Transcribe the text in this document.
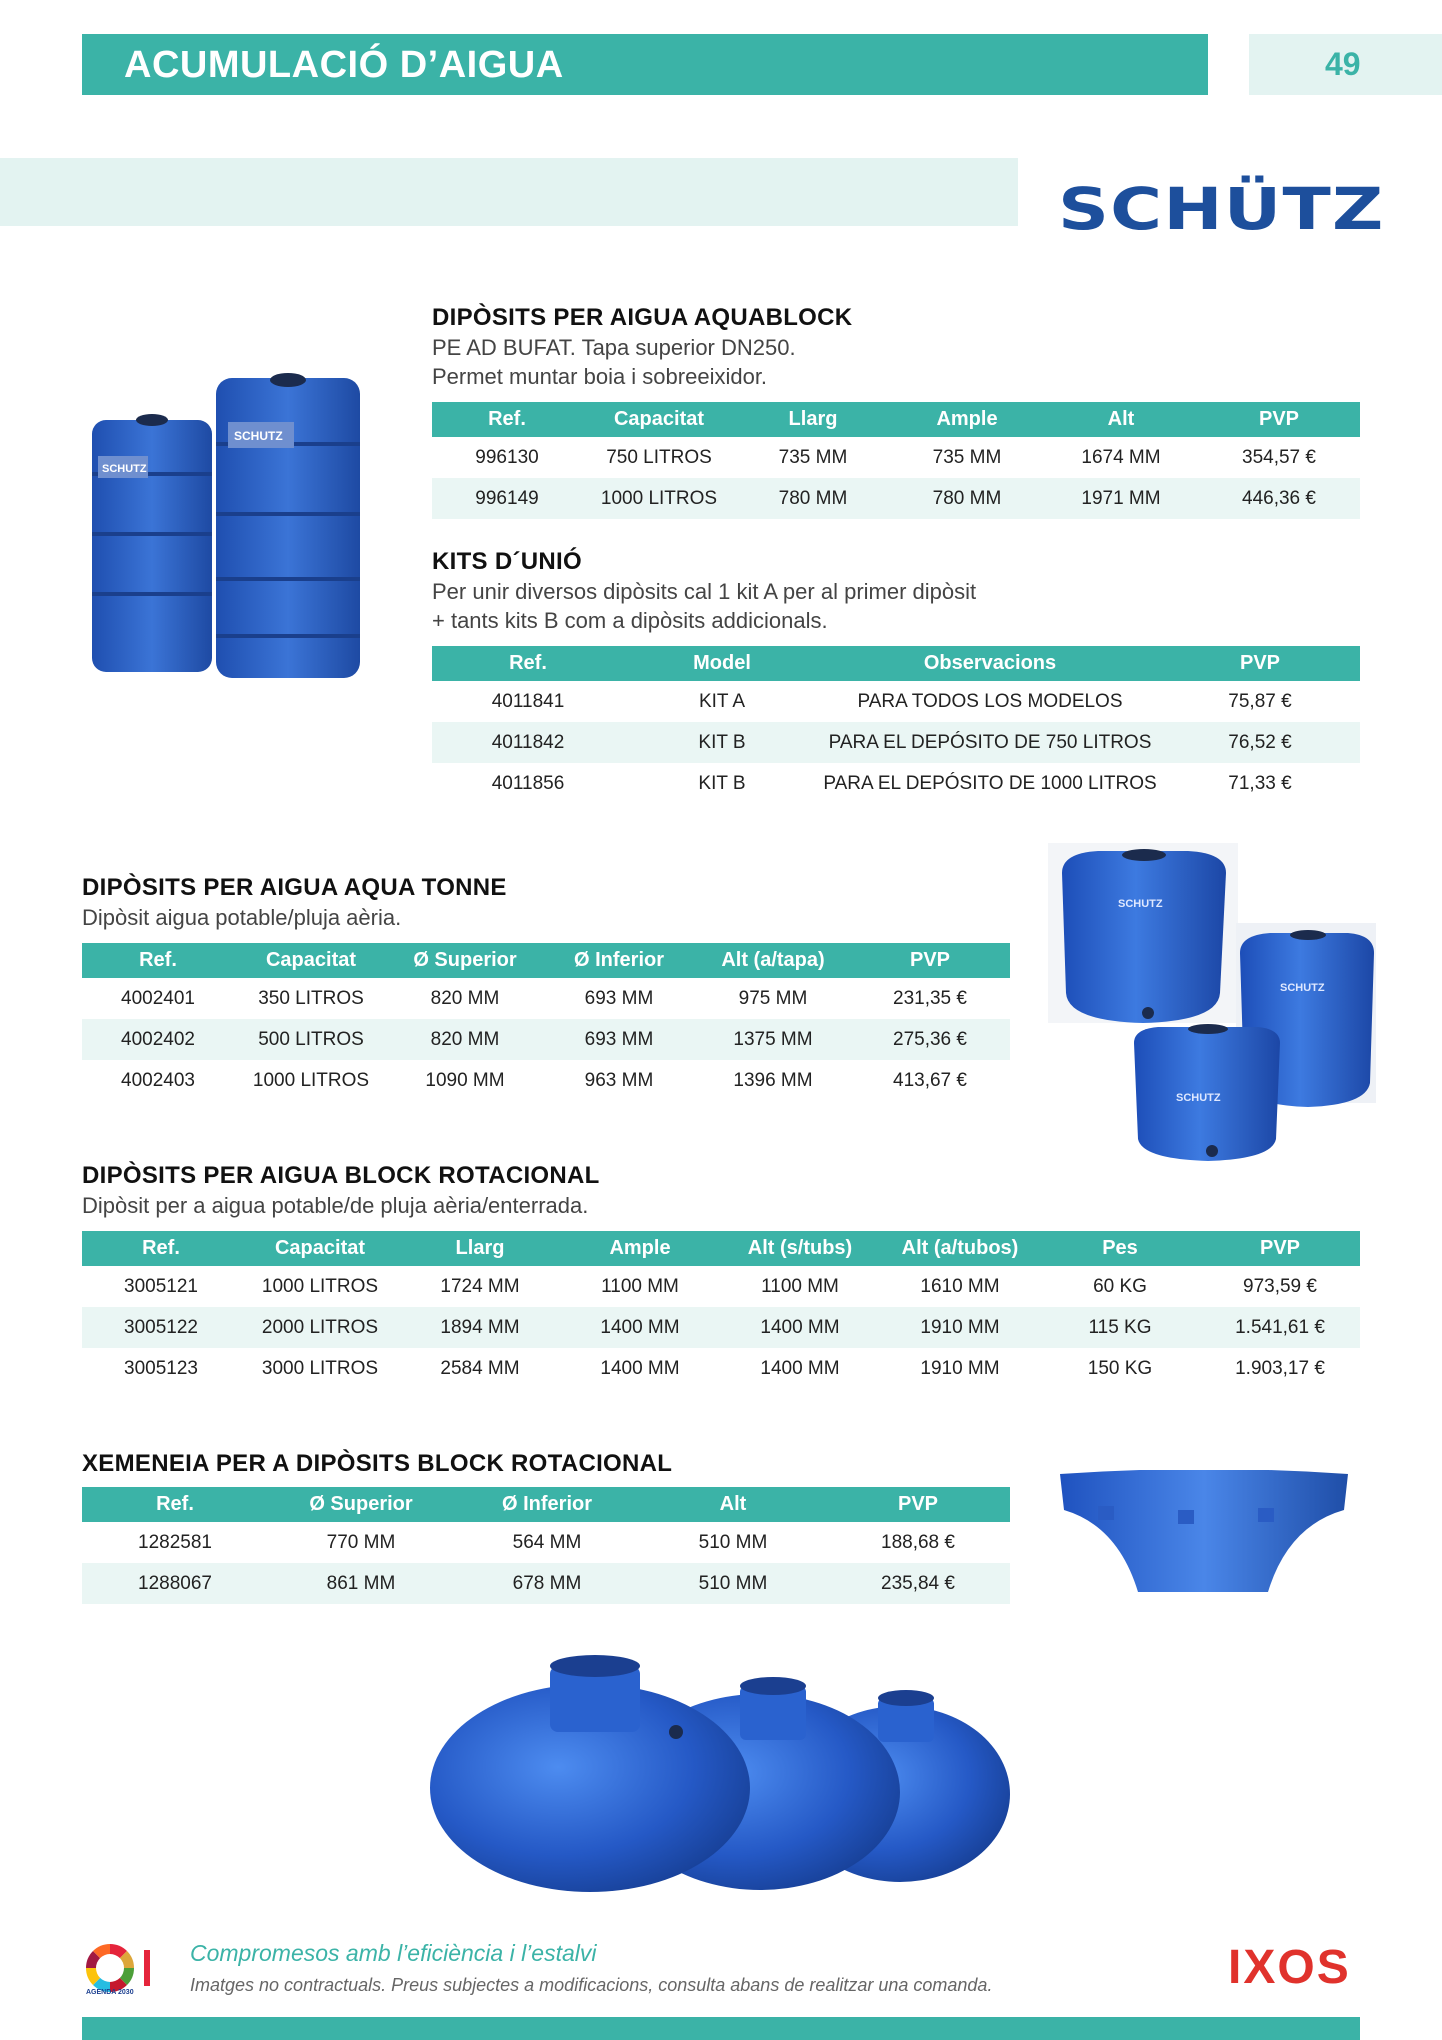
ACUMULACIÓ D’AIGUA	49
SCHÜTZ
SCHUTZ
SCHUTZ
DIPÒSITS PER AIGUA AQUABLOCK
PE AD BUFAT. Tapa superior DN250.
Permet muntar boia i sobreeixidor.
Ref.	Capacitat	Llarg	Ample	Alt	PVP
996130	750 LITROS	735 MM	735 MM	1674 MM	354,57 €
996149	1000 LITROS	780 MM	780 MM	1971 MM	446,36 €
KITS D´UNIÓ
Per unir diversos dipòsits cal 1 kit A per al primer dipòsit
+ tants kits B com a dipòsits addicionals.
Ref.	Model	Observacions	PVP
4011841	KIT A	PARA TODOS LOS MODELOS	75,87 €
4011842	KIT B	PARA EL DEPÓSITO DE 750 LITROS	76,52 €
4011856	KIT B	PARA EL DEPÓSITO DE 1000 LITROS	71,33 €
SCHUTZ
SCHUTZ
SCHUTZ
DIPÒSITS PER AIGUA AQUA TONNE
Dipòsit aigua potable/pluja aèria.
Ref.	Capacitat	Ø Superior	Ø Inferior	Alt (a/tapa)	PVP
4002401	350 LITROS	820 MM	693 MM	975 MM	231,35 €
4002402	500 LITROS	820 MM	693 MM	1375 MM	275,36 €
4002403	1000 LITROS	1090 MM	963 MM	1396 MM	413,67 €
DIPÒSITS PER AIGUA BLOCK ROTACIONAL
Dipòsit per a aigua potable/de pluja aèria/enterrada.
Ref.	Capacitat	Llarg	Ample	Alt (s/tubs)	Alt (a/tubos)	Pes	PVP
3005121	1000 LITROS	1724 MM	1100 MM	1100 MM	1610 MM	60 KG	973,59 €
3005122	2000 LITROS	1894 MM	1400 MM	1400 MM	1910 MM	115 KG	1.541,61 €
3005123	3000 LITROS	2584 MM	1400 MM	1400 MM	1910 MM	150 KG	1.903,17 €
XEMENEIA PER A DIPÒSITS BLOCK ROTACIONAL
Ref.	Ø Superior	Ø Inferior	Alt	PVP
1282581	770 MM	564 MM	510 MM	188,68 €
1288067	861 MM	678 MM	510 MM	235,84 €
AGENDA 2030
Compromesos amb l’eficiència i l’estalvi
Imatges no contractuals. Preus subjectes a modificacions, consulta abans de realitzar una comanda.	IXOS
